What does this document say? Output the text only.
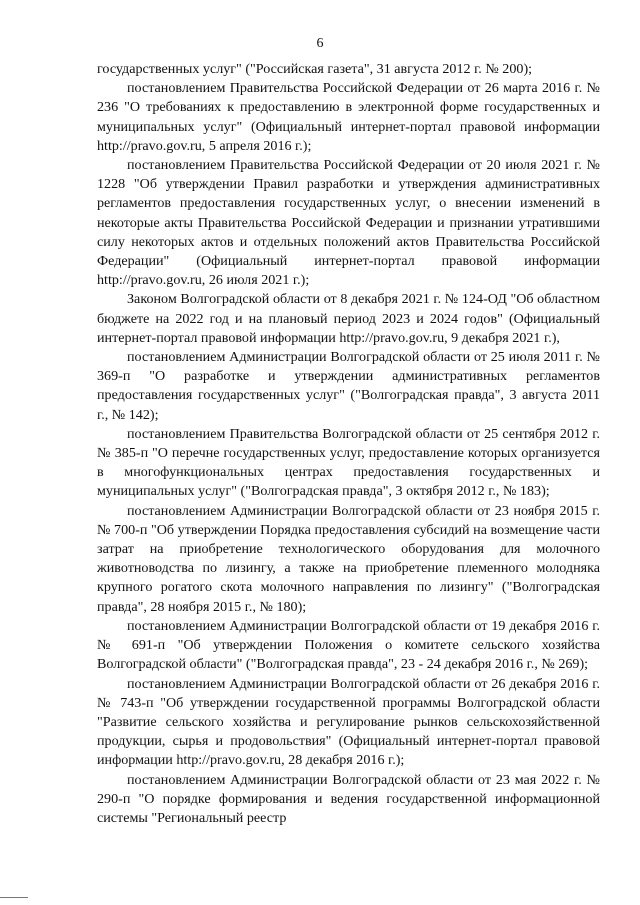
6

государственных услуг" ("Российская газета", 31 августа 2012 г. № 200);

постановлением Правительства Российской Федерации от 26 марта 2016 г. № 236 "О требованиях к предоставлению в электронной форме государственных и муниципальных услуг" (Официальный интернет-портал правовой информации http://pravo.gov.ru, 5 апреля 2016 г.);

постановлением Правительства Российской Федерации от 20 июля 2021 г. № 1228 "Об утверждении Правил разработки и утверждения административных регламентов предоставления государственных услуг, о внесении изменений в некоторые акты Правительства Российской Федерации и признании утратившими силу некоторых актов и отдельных положений актов Правительства Российской Федерации" (Официальный интернет-портал правовой информации http://pravo.gov.ru, 26 июля 2021 г.);

Законом Волгоградской области от 8 декабря 2021 г. № 124-ОД "Об областном бюджете на 2022 год и на плановый период 2023 и 2024 годов" (Официальный интернет-портал правовой информации http://pravo.gov.ru, 9 декабря 2021 г.),

постановлением Администрации Волгоградской области от 25 июля 2011 г. № 369-п "О разработке и утверждении административных регламентов предоставления государственных услуг" ("Волгоградская правда", 3 августа 2011 г., № 142);

постановлением Правительства Волгоградской области от 25 сентября 2012 г. № 385-п "О перечне государственных услуг, предоставление которых организуется в многофункциональных центрах предоставления государственных и муниципальных услуг" ("Волгоградская правда", 3 октября 2012 г., № 183);

постановлением Администрации Волгоградской области от 23 ноября 2015 г. № 700-п "Об утверждении Порядка предоставления субсидий на возмещение части затрат на приобретение технологического оборудования для молочного животноводства по лизингу, а также на приобретение племенного молодняка крупного рогатого скота молочного направления по лизингу" ("Волгоградская правда", 28 ноября 2015 г., № 180);

постановлением Администрации Волгоградской области от 19 декабря 2016 г. № 691-п "Об утверждении Положения о комитете сельского хозяйства Волгоградской области" ("Волгоградская правда", 23 - 24 декабря 2016 г., № 269);

постановлением Администрации Волгоградской области от 26 декабря 2016 г. № 743-п "Об утверждении государственной программы Волгоградской области "Развитие сельского хозяйства и регулирование рынков сельскохозяйственной продукции, сырья и продовольствия" (Официальный интернет-портал правовой информации http://pravo.gov.ru, 28 декабря 2016 г.);

постановлением Администрации Волгоградской области от 23 мая 2022 г. № 290-п "О порядке формирования и ведения государственной информационной системы "Региональный реестр
